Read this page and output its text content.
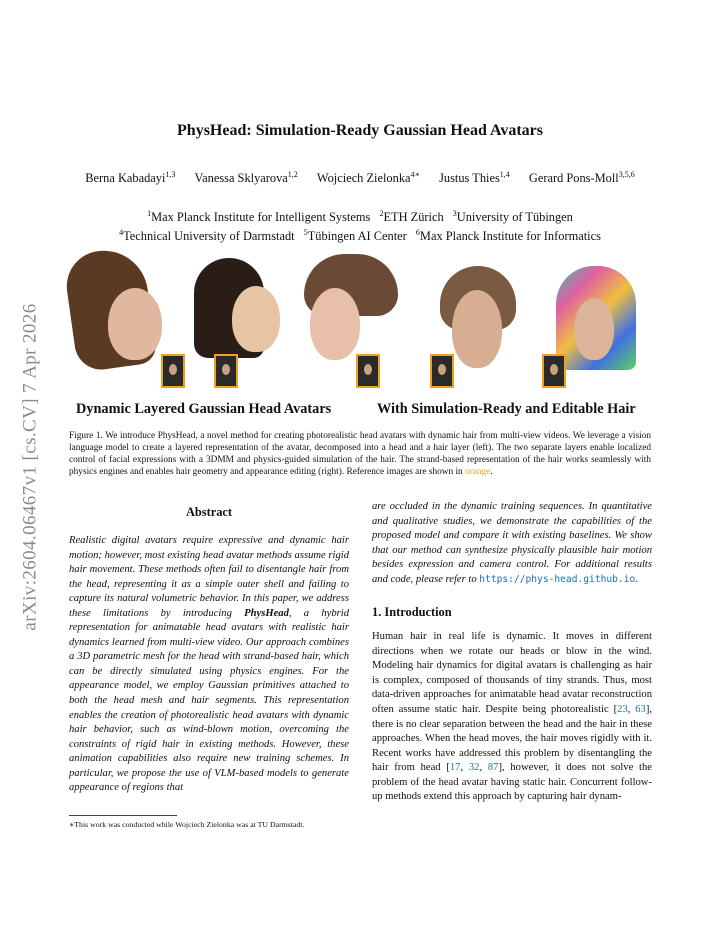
arXiv:2604.06467v1 [cs.CV] 7 Apr 2026
PhysHead: Simulation-Ready Gaussian Head Avatars
Berna Kabadayi$^{1,3}$ Vanessa Sklyarova$^{1,2}$ Wojciech Zielonka$^{4∗}$ Justus Thies$^{1,4}$ Gerard Pons-Moll$^{3,5,6}$
$^1$Max Planck Institute for Intelligent Systems $^2$ETH Zürich $^3$University of Tübingen
$^4$Technical University of Darmstadt $^5$Tübingen AI Center $^6$Max Planck Institute for Informatics
Dynamic Layered Gaussian Head Avatars	With Simulation-Ready and Editable Hair
Figure 1. We introduce PhysHead, a novel method for creating photorealistic head avatars with dynamic hair from multi-view videos. We leverage a vision language model to create a layered representation of the avatar, decomposed into a head and a hair layer (left). The two separate layers enable localized control of facial expressions with a 3DMM and physics-guided simulation of the hair. The strand-based representation of the hair works seamlessly with physics engines and enables hair geometry and appearance editing (right). Reference images are shown in orange.
Abstract
Realistic digital avatars require expressive and dynamic hair motion; however, most existing head avatar methods assume rigid hair movement. These methods often fail to disentangle hair from the head, representing it as a simple outer shell and failing to capture its natural volumetric behavior. In this paper, we address these limitations by introducing PhysHead, a hybrid representation for animatable head avatars with realistic hair dynamics learned from multi-view video. Our approach combines a 3D parametric mesh for the head with strand-based hair, which can be directly simulated using physics engines. For the appearance model, we employ Gaussian primitives attached to both the head mesh and hair segments. This representation enables the creation of photorealistic head avatars with dynamic hair behavior, such as wind-blown motion, overcoming the constraints of rigid hair in existing methods. However, these animation capabilities also require new training schemes. In particular, we propose the use of VLM-based models to generate appearance of regions that
∗This work was conducted while Wojciech Zielonka was at TU Darmstadt.
are occluded in the dynamic training sequences. In quantitative and qualitative studies, we demonstrate the capabilities of the proposed model and compare it with existing baselines. We show that our method can synthesize physically plausible hair motion besides expression and camera control. For additional results and code, please refer to https://phys-head.github.io.
1. Introduction
Human hair in real life is dynamic. It moves in different directions when we rotate our heads or blow in the wind. Modeling hair dynamics for digital avatars is challenging as hair is complex, composed of thousands of tiny strands. Thus, most data-driven approaches for animatable head avatar reconstruction often assume static hair. Despite being photorealistic [23, 63], there is no clear separation between the head and the hair in these approaches. When the head moves, the hair moves rigidly with it. Recent works have addressed this problem by disentangling the hair from head [17, 32, 87], however, it does not solve the problem of the head avatar having static hair. Concurrent follow-up methods extend this approach by capturing hair dynam-
